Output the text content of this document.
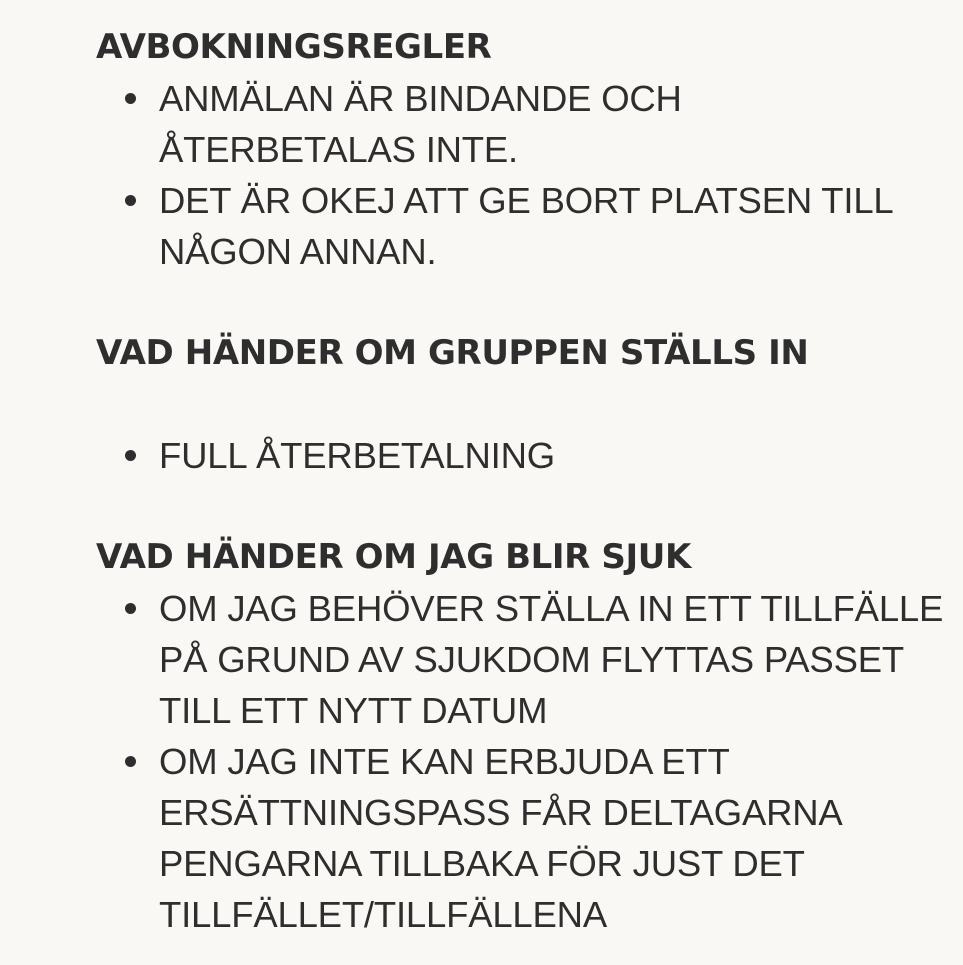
AVBOKNINGSREGLER
ANMÄLAN ÄR BINDANDE OCH ÅTERBETALAS INTE.
DET ÄR OKEJ ATT GE BORT PLATSEN TILL NÅGON ANNAN.
VAD HÄNDER OM GRUPPEN STÄLLS IN
FULL ÅTERBETALNING
VAD HÄNDER OM JAG BLIR SJUK
OM JAG BEHÖVER STÄLLA IN ETT TILLFÄLLE PÅ GRUND AV SJUKDOM FLYTTAS PASSET TILL ETT NYTT DATUM
OM JAG INTE KAN ERBJUDA ETT ERSÄTTNINGSPASS FÅR DELTAGARNA PENGARNA TILLBAKA FÖR JUST DET TILLFÄLLET/TILLFÄLLENA
